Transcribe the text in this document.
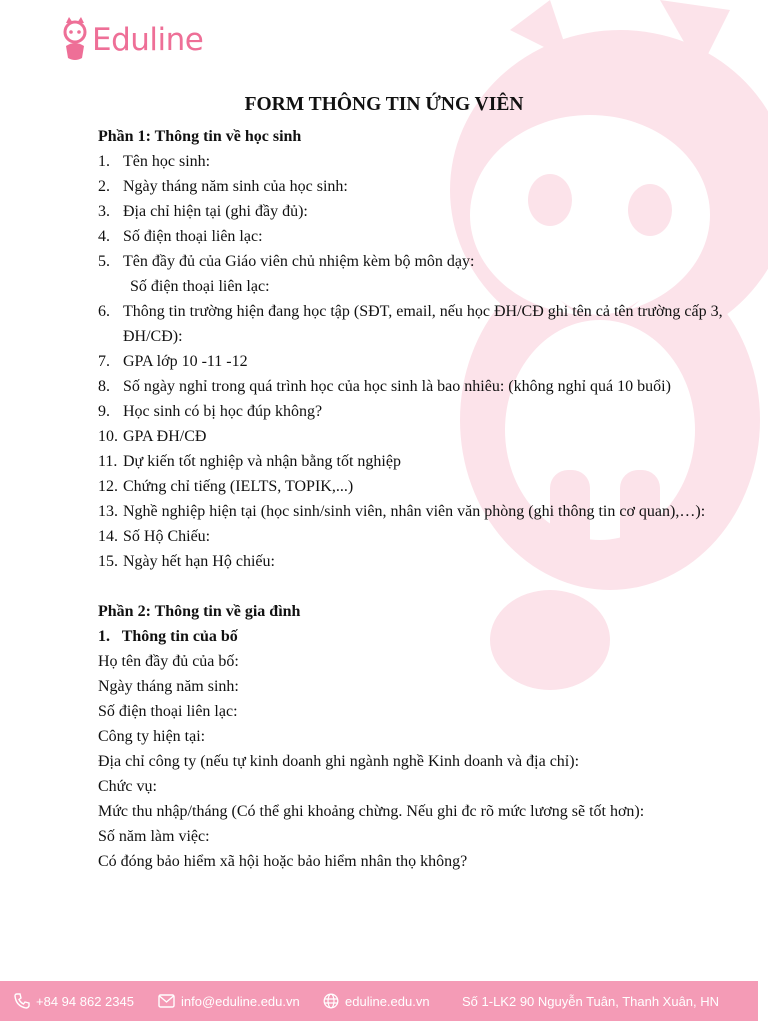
Eduline
FORM THÔNG TIN ỨNG VIÊN
Phần 1: Thông tin về học sinh
1. Tên học sinh:
2. Ngày tháng năm sinh của học sinh:
3. Địa chỉ hiện tại (ghi đầy đủ):
4. Số điện thoại liên lạc:
5. Tên đầy đủ của Giáo viên chủ nhiệm kèm bộ môn dạy:
Số điện thoại liên lạc:
6. Thông tin trường hiện đang học tập (SĐT, email, nếu học ĐH/CĐ ghi tên cả tên trường cấp 3, ĐH/CĐ):
7. GPA lớp 10 -11 -12
8. Số ngày nghỉ trong quá trình học của học sinh là bao nhiêu: (không nghỉ quá 10 buổi)
9. Học sinh có bị học đúp không?
10. GPA ĐH/CĐ
11. Dự kiến tốt nghiệp và nhận bằng tốt nghiệp
12. Chứng chỉ tiếng (IELTS, TOPIK,...)
13. Nghề nghiệp hiện tại (học sinh/sinh viên, nhân viên văn phòng (ghi thông tin cơ quan),…):
14. Số Hộ Chiếu:
15. Ngày hết hạn Hộ chiếu:
Phần 2: Thông tin về gia đình
1.   Thông tin của bố
Họ tên đầy đủ của bố:
Ngày tháng năm sinh:
Số điện thoại liên lạc:
Công ty hiện tại:
Địa chỉ công ty (nếu tự kinh doanh ghi ngành nghề Kinh doanh và địa chỉ):
Chức vụ:
Mức thu nhập/tháng (Có thể ghi khoảng chừng. Nếu ghi đc rõ mức lương sẽ tốt hơn):
Số năm làm việc:
Có đóng bảo hiểm xã hội hoặc bảo hiểm nhân thọ không?
+84 94 862 2345	info@eduline.edu.vn	eduline.edu.vn Số 1-LK2 90 Nguyễn Tuân, Thanh Xuân, HN
